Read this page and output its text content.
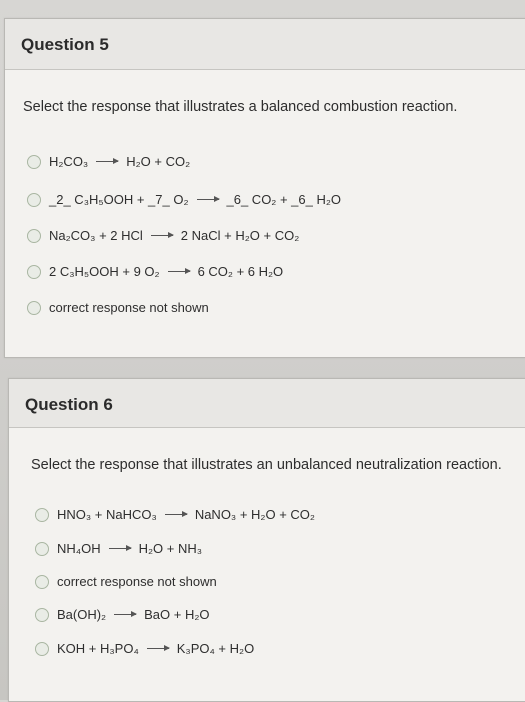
Question 5
Select the response that illustrates a balanced combustion reaction.
H₂CO₃ → H₂O + CO₂
_2_ C₃H₅OOH + _7_ O₂ → _6_ CO₂ + _6_ H₂O
Na₂CO₃ + 2 HCl → 2 NaCl + H₂O + CO₂
2 C₃H₅OOH + 9 O₂ → 6 CO₂ + 6 H₂O
correct response not shown
Question 6
Select the response that illustrates an unbalanced neutralization reaction.
HNO₃ + NaHCO₃ → NaNO₃ + H₂O + CO₂
NH₄OH → H₂O + NH₃
correct response not shown
Ba(OH)₂ → BaO + H₂O
KOH + H₃PO₄ → K₃PO₄ + H₂O
